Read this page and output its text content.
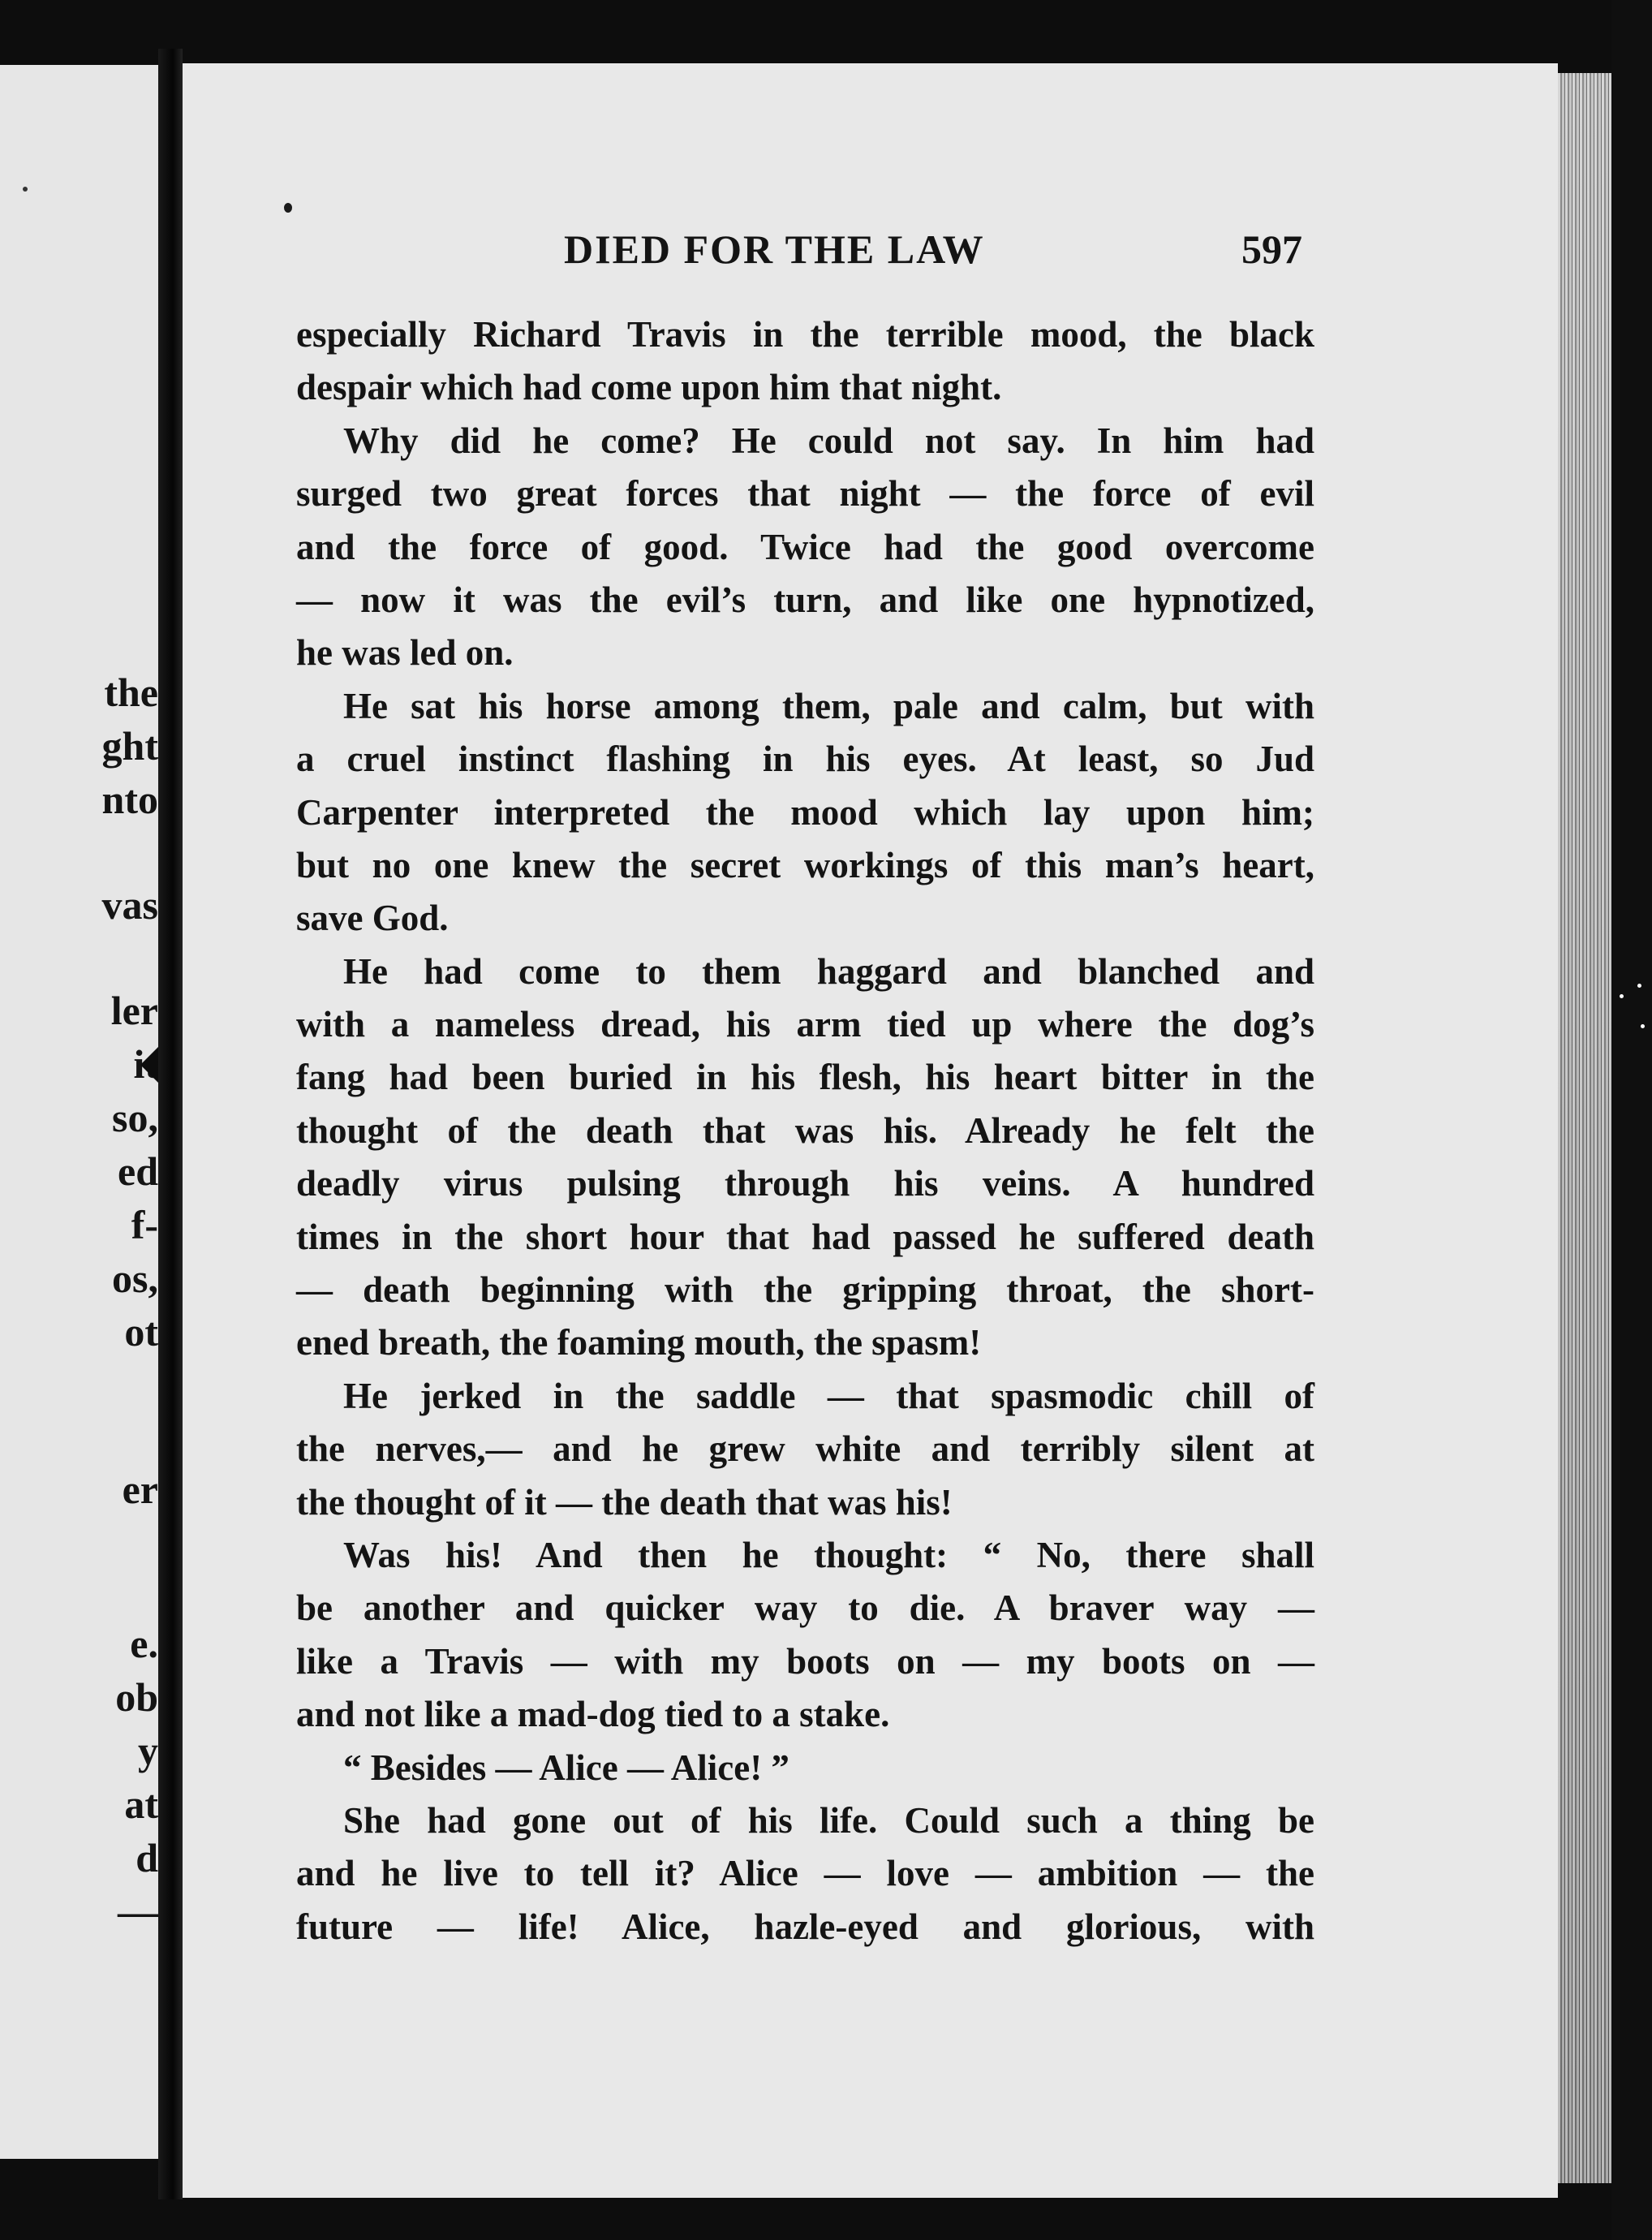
the
ght
nto
vas
ler
it
so,
ed
f-
os,
ot
er
e.
ob
y
at
d
—
DIED FOR THE LAW	597
especially Richard Travis in the terrible mood, the black
despair which had come upon him that night.
Why did he come? He could not say. In him had
surged two great forces that night — the force of evil
and the force of good. Twice had the good overcome
— now it was the evil’s turn, and like one hypnotized,
he was led on.
He sat his horse among them, pale and calm, but with
a cruel instinct flashing in his eyes. At least, so Jud
Carpenter interpreted the mood which lay upon him;
but no one knew the secret workings of this man’s heart,
save God.
He had come to them haggard and blanched and
with a nameless dread, his arm tied up where the dog’s
fang had been buried in his flesh, his heart bitter in the
thought of the death that was his. Already he felt the
deadly virus pulsing through his veins. A hundred
times in the short hour that had passed he suffered death
— death beginning with the gripping throat, the short-
ened breath, the foaming mouth, the spasm!
He jerked in the saddle — that spasmodic chill of
the nerves,— and he grew white and terribly silent at
the thought of it — the death that was his!
Was his! And then he thought: “ No, there shall
be another and quicker way to die. A braver way —
like a Travis — with my boots on — my boots on —
and not like a mad-dog tied to a stake.
“ Besides — Alice — Alice! ”
She had gone out of his life. Could such a thing be
and he live to tell it? Alice — love — ambition — the
future — life! Alice, hazle-eyed and glorious, with
